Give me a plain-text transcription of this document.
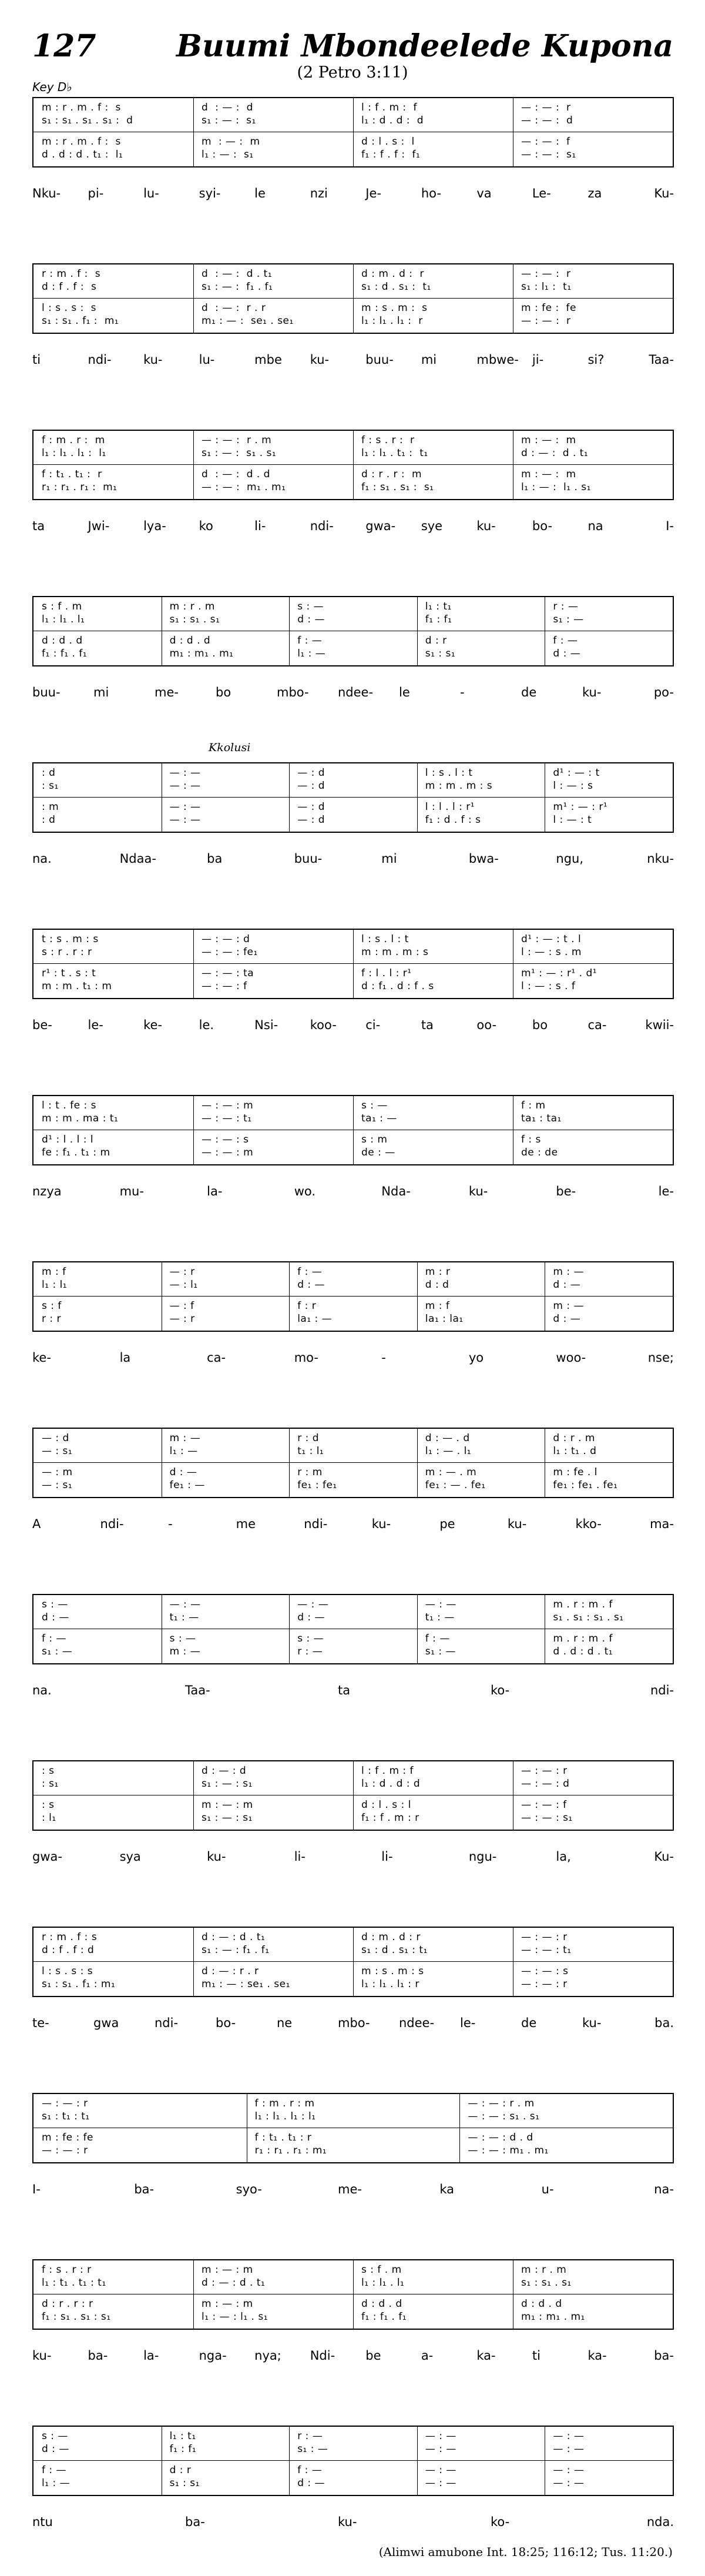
127	Buumi Mbondeelede Kupona
(2 Petro 3:11)
Key D♭
m : r . m . f :  s	d  : — :  d	l : f . m :  f	— : — :  r
s₁ : s₁ . s₁ . s₁ :  d	s₁ : — :  s₁	l₁ : d . d :  d	— : — :  d
m : r . m . f :  s	m  : — :  m	d : l . s :  l	— : — :  f
d . d : d . t₁ :  l₁	l₁ : — :  s₁	f₁ : f . f :  f₁	— : — :  s₁
Nku- pi-	lu-	syi-	le	nzi	Je-	ho-	va	Le-	za	Ku-
r : m . f :  s	d  : — :  d . t₁	d : m . d :  r	— : — :  r
d : f . f :  s	s₁ : — :  f₁ . f₁	s₁ : d . s₁ :  t₁	s₁ : l₁ :  t₁
l : s . s :  s	d  : — :  r . r	m : s . m :  s	m : fe :  fe
s₁ : s₁ . f₁ :  m₁	m₁ : — :  se₁ . se₁	l₁ : l₁ . l₁ :  r	— : — :  r
ti	ndi-	ku-	lu-	mbe ku-	buu- mi	mbwe- ji-	si?	Taa-
f : m . r :  m	— : — :  r . m	f : s . r :  r	m : — :  m
l₁ : l₁ . l₁ :  l₁	s₁ : — :  s₁ . s₁	l₁ : l₁ . t₁ :  t₁	d : — :  d . t₁
f : t₁ . t₁ :  r	d  : — :  d . d	d : r . r :  m	m : — :  m
r₁ : r₁ . r₁ :  m₁	— : — :  m₁ . m₁	f₁ : s₁ . s₁ :  s₁	l₁ : — :  l₁ . s₁
ta	Jwi-	lya-	ko	li-	ndi-	gwa- sye	ku-	bo-	na	I-
s : f . m	m : r . m	s : —	l₁ : t₁	r : —
l₁ : l₁ . l₁	s₁ : s₁ . s₁	d : —	f₁ : f₁	s₁ : —
d : d . d	d : d . d	f : —	d : r	f : —
f₁ : f₁ . f₁	m₁ : m₁ . m₁	l₁ : —	s₁ : s₁	d : —
buu-	mi	me-	bo	mbo- ndee- le	-	de	ku-	po-
: d	— : —	— : d	l : s . l : t	d¹ : — : t
: s₁	— : —	— : d	m : m . m : s	l : — : s
: m	— : —	— : d	l : l . l : r¹	m¹ : — : r¹
: d	— : —	— : d	f₁ : d . f : s	l : — : t
Kkolusi
na.	Ndaa-	ba	buu-	mi	bwa-	ngu,	nku-
t : s . m : s	— : — : d	l : s . l : t	d¹ : — : t . l
s : r . r : r	— : — : fe₁	m : m . m : s	l : — : s . m
r¹ : t . s : t	— : — : ta	f : l . l : r¹	m¹ : — : r¹ . d¹
m : m . t₁ : m	— : — : f	d : f₁ . d : f . s	l : — : s . f
be-	le-	ke-	le.	Nsi-	koo- ci-	ta	oo-	bo	ca-	kwii-
l : t . fe : s	— : — : m	s : —	f : m
m : m . ma : t₁	— : — : t₁	ta₁ : —	ta₁ : ta₁
d¹ : l . l : l	— : — : s	s : m	f : s
fe : f₁ . t₁ : m	— : — : m	de : —	de : de
nzya	mu-	la-	wo.	Nda-	ku-	be-	le-
m : f	— : r	f : —	m : r	m : —
l₁ : l₁	— : l₁	d : —	d : d	d : —
s : f	— : f	f : r	m : f	m : —
r : r	— : r	la₁ : —	la₁ : la₁	d : —
ke-	la	ca-	mo-	-	yo	woo-	nse;
— : d	m : —	r : d	d : — . d	d : r . m
— : s₁	l₁ : —	t₁ : l₁	l₁ : — . l₁	l₁ : t₁ . d
— : m	d : —	r : m	m : — . m	m : fe . l
— : s₁	fe₁ : —	fe₁ : fe₁	fe₁ : — . fe₁	fe₁ : fe₁ . fe₁
A	ndi-	-	me	ndi-	ku-	pe	ku-	kko-	ma-
s : —	— : —	— : —	— : —	m . r : m . f
d : —	t₁ : —	d : —	t₁ : —	s₁ . s₁ : s₁ . s₁
f : —	s : —	s : —	f : —	m . r : m . f
s₁ : —	m : —	r : —	s₁ : —	d . d : d . t₁
na.	Taa-	ta	ko-	ndi-
: s	d : — : d	l : f . m : f	— : — : r
: s₁	s₁ : — : s₁	l₁ : d . d : d	— : — : d
: s	m : — : m	d : l . s : l	— : — : f
: l₁	s₁ : — : s₁	f₁ : f . m : r	— : — : s₁
gwa-	sya	ku-	li-	li-	ngu-	la,	Ku-
r : m . f : s	d : — : d . t₁	d : m . d : r	— : — : r
d : f . f : d	s₁ : — : f₁ . f₁	s₁ : d . s₁ : t₁	— : — : t₁
l : s . s : s	d : — : r . r	m : s . m : s	— : — : s
s₁ : s₁ . f₁ : m₁	m₁ : — : se₁ . se₁	l₁ : l₁ . l₁ : r	— : — : r
te-	gwa	ndi-	bo-	ne	mbo- ndee- le-	de	ku-	ba.
— : — : r	f : m . r : m	— : — : r . m
s₁ : t₁ : t₁	l₁ : l₁ . l₁ : l₁	— : — : s₁ . s₁
m : fe : fe	f : t₁ . t₁ : r	— : — : d . d
— : — : r	r₁ : r₁ . r₁ : m₁	— : — : m₁ . m₁
I-	ba-	syo-	me-	ka	u-	na-
f : s . r : r	m : — : m	s : f . m	m : r . m
l₁ : t₁ . t₁ : t₁	d : — : d . t₁	l₁ : l₁ . l₁	s₁ : s₁ . s₁
d : r . r : r	m : — : m	d : d . d	d : d . d
f₁ : s₁ . s₁ : s₁	l₁ : — : l₁ . s₁	f₁ : f₁ . f₁	m₁ : m₁ . m₁
ku-	ba-	la-	nga- nya; Ndi- be	a-	ka-	ti	ka-	ba-
s : —	l₁ : t₁	r : —	— : —	— : —
d : —	f₁ : f₁	s₁ : —	— : —	— : —
f : —	d : r	f : —	— : —	— : —
l₁ : —	s₁ : s₁	d : —	— : —	— : —
ntu	ba-	ku-	ko-	nda.
(Alimwi amubone Int. 18:25; 116:12; Tus. 11:20.)
